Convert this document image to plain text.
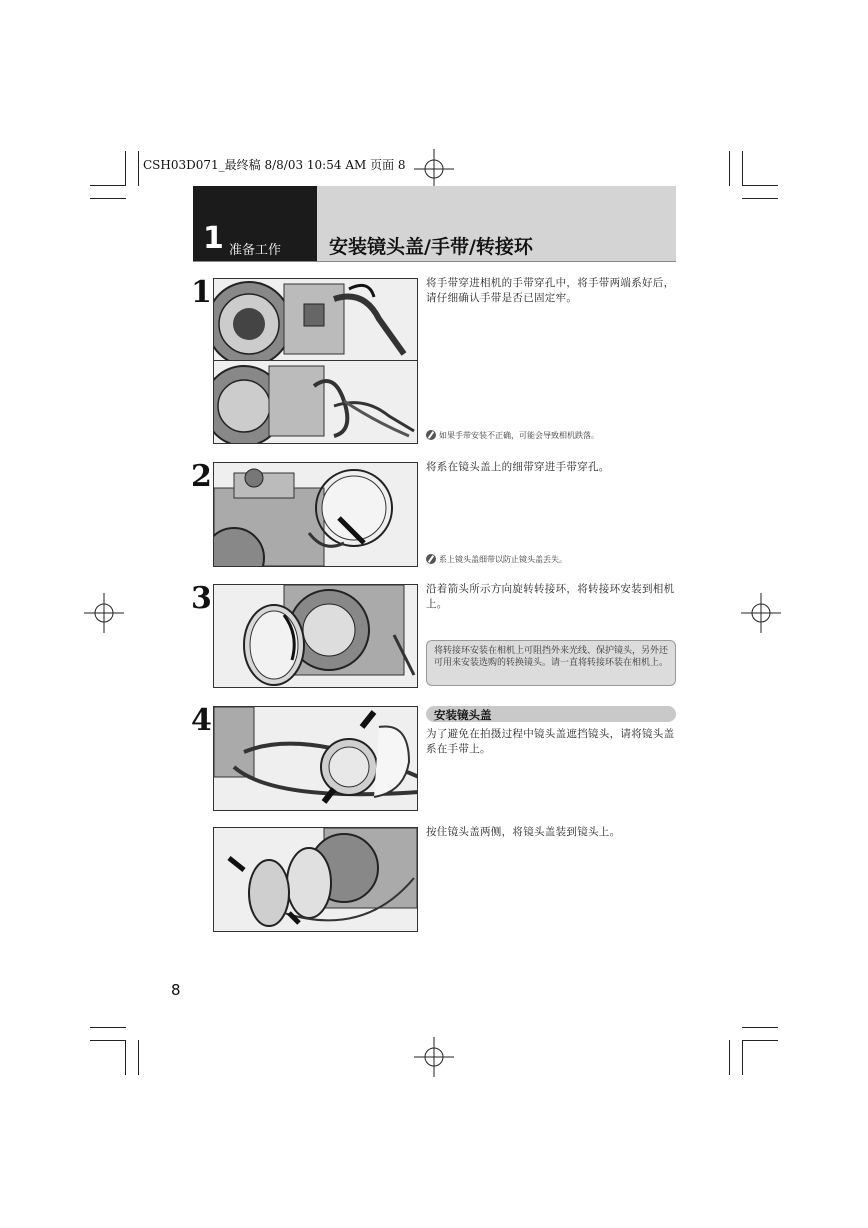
CSH03D071_最终稿 8/8/03 10:54 AM 页面 8
1 准备工作	安装镜头盖/手带/转接环
1	将手带穿进相机的手带穿孔中，将手带两端系好后，请仔细确认手带是否已固定牢。
如果手带安装不正确，可能会导致相机跌落。
2	将系在镜头盖上的细带穿进手带穿孔。
系上镜头盖细带以防止镜头盖丢失。
3	沿着箭头所示方向旋转转接环，将转接环安装到相机上。
将转接环安装在相机上可阻挡外来光线、保护镜头，另外还可用来安装选购的转换镜头。请一直将转接环装在相机上。
4	安装镜头盖
为了避免在拍摄过程中镜头盖遮挡镜头，请将镜头盖系在手带上。
按住镜头盖两侧，将镜头盖装到镜头上。
8
